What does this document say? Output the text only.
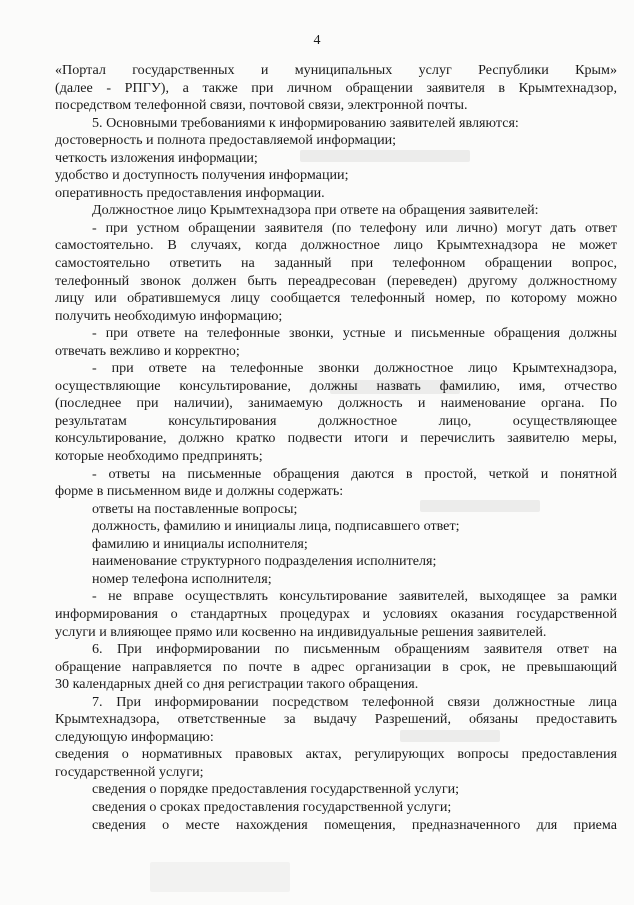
4

«Портал государственных и муниципальных услуг Республики Крым»

(далее - РПГУ), а также при личном обращении заявителя в Крымтехнадзор,

посредством телефонной связи, почтовой связи, электронной почты.

5. Основными требованиями к информированию заявителей являются:

достоверность и полнота предоставляемой информации;

четкость изложения информации;

удобство и доступность получения информации;

оперативность предоставления информации.

Должностное лицо Крымтехнадзора при ответе на обращения заявителей:

- при устном обращении заявителя (по телефону или лично) могут дать ответ

самостоятельно. В случаях, когда должностное лицо Крымтехнадзора не может

самостоятельно ответить на заданный при телефонном обращении вопрос,

телефонный звонок должен быть переадресован (переведен) другому должностному

лицу или обратившемуся лицу сообщается телефонный номер, по которому можно

получить необходимую информацию;

- при ответе на телефонные звонки, устные и письменные обращения должны

отвечать вежливо и корректно;

- при ответе на телефонные звонки должностное лицо Крымтехнадзора,

осуществляющие консультирование, должны назвать фамилию, имя, отчество

(последнее при наличии), занимаемую должность и наименование органа. По

результатам консультирования должностное лицо, осуществляющее

консультирование, должно кратко подвести итоги и перечислить заявителю меры,

которые необходимо предпринять;

- ответы на письменные обращения даются в простой, четкой и понятной

форме в письменном виде и должны содержать:

ответы на поставленные вопросы;

должность, фамилию и инициалы лица, подписавшего ответ;

фамилию и инициалы исполнителя;

наименование структурного подразделения исполнителя;

номер телефона исполнителя;

- не вправе осуществлять консультирование заявителей, выходящее за рамки

информирования о стандартных процедурах и условиях оказания государственной

услуги и влияющее прямо или косвенно на индивидуальные решения заявителей.

6. При информировании по письменным обращениям заявителя ответ на

обращение направляется по почте в адрес организации в срок, не превышающий

30 календарных дней со дня регистрации такого обращения.

7. При информировании посредством телефонной связи должностные лица

Крымтехнадзора, ответственные за выдачу Разрешений, обязаны предоставить

следующую информацию:

сведения о нормативных правовых актах, регулирующих вопросы предоставления

государственной услуги;

сведения о порядке предоставления государственной услуги;

сведения о сроках предоставления государственной услуги;

сведения о месте нахождения помещения, предназначенного для приема
